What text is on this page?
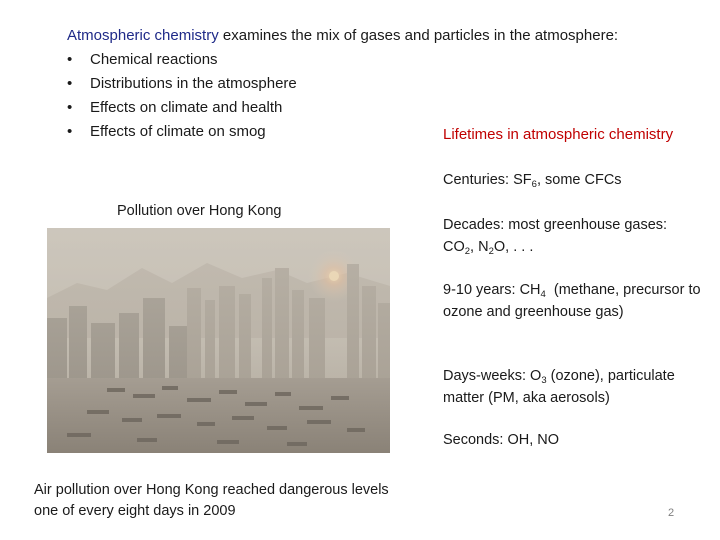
Atmospheric chemistry examines the mix of gases and particles in the atmosphere:
• Chemical reactions
• Distributions in the atmosphere
• Effects on climate and health
• Effects of climate on smog	Lifetimes in atmospheric chemistry
Centuries: $SF_6$, some CFCs
Decades: most greenhouse gases:
$CO_2$, $N_2O$, . . .
9-10 years: $CH_4$  (methane, precursor to ozone and greenhouse gas)
Days-weeks: $O_3$ (ozone), particulate matter (PM, aka aerosols)
Seconds: OH, NO
Pollution over Hong Kong
Air pollution over Hong Kong reached dangerous levels one of every eight days in 2009	2
